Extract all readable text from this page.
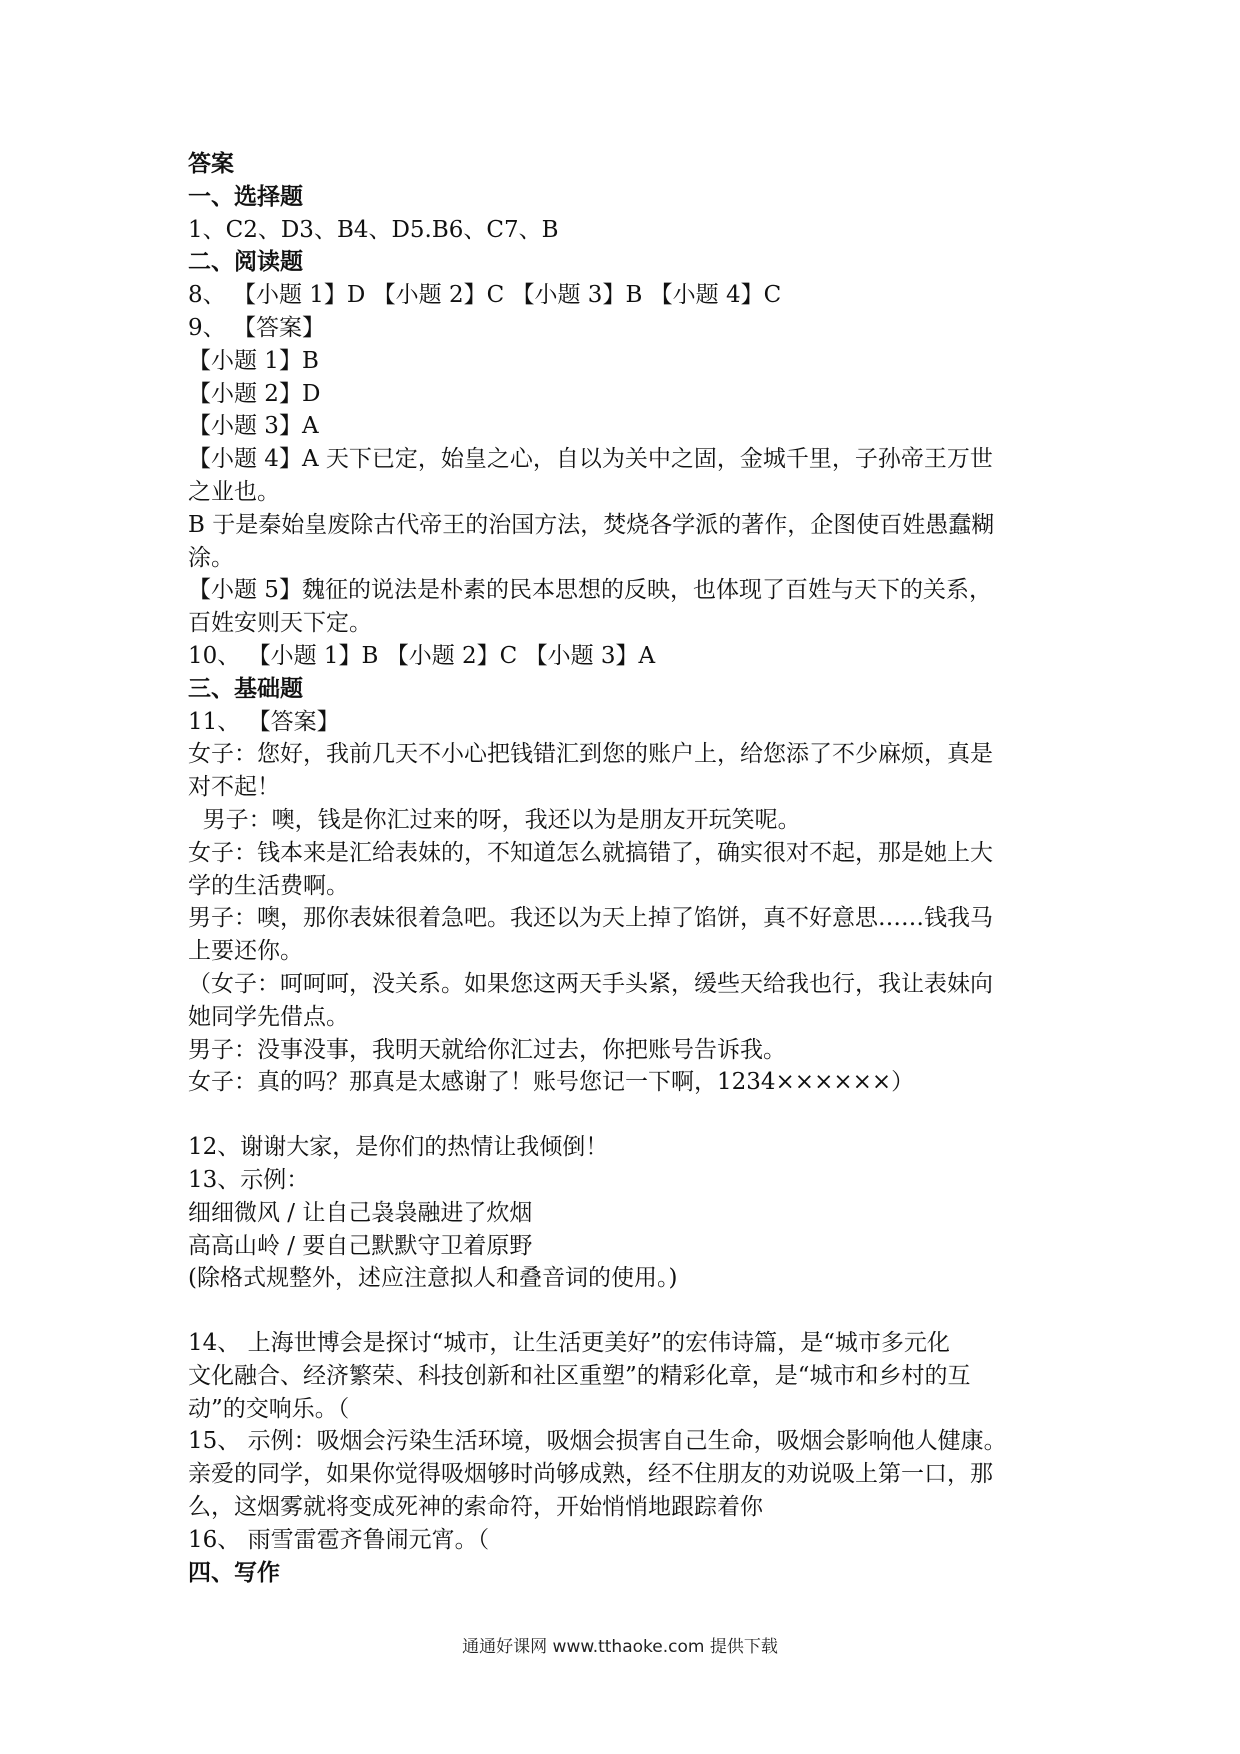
答案
一、选择题
1、C2、D3、B4、D5.B6、C7、B
二、阅读题
8、 【小题 1】D 【小题 2】C 【小题 3】B 【小题 4】C
9、 【答案】
【小题 1】B
【小题 2】D
【小题 3】A
【小题 4】A 天下已定，始皇之心，自以为关中之固，金城千里，子孙帝王万世
之业也。
B 于是秦始皇废除古代帝王的治国方法，焚烧各学派的著作，企图使百姓愚蠢糊
涂。
【小题 5】魏征的说法是朴素的民本思想的反映，也体现了百姓与天下的关系，
百姓安则天下定。
10、 【小题 1】B 【小题 2】C 【小题 3】A
三、基础题
11、 【答案】
女子：您好，我前几天不小心把钱错汇到您的账户上，给您添了不少麻烦，真是
对不起！
男子：噢，钱是你汇过来的呀，我还以为是朋友开玩笑呢。
女子：钱本来是汇给表妹的，不知道怎么就搞错了，确实很对不起，那是她上大
学的生活费啊。
男子：噢，那你表妹很着急吧。我还以为天上掉了馅饼，真不好意思……钱我马
上要还你。
（女子：呵呵呵，没关系。如果您这两天手头紧，缓些天给我也行，我让表妹向
她同学先借点。
男子：没事没事，我明天就给你汇过去，你把账号告诉我。
女子：真的吗？那真是太感谢了！账号您记一下啊，1234××××××）
12、谢谢大家，是你们的热情让我倾倒！
13、示例：
细细微风 / 让自己袅袅融进了炊烟
高高山岭 / 要自己默默守卫着原野
(除格式规整外，述应注意拟人和叠音词的使用。)
14、 上海世博会是探讨“城市，让生活更美好”的宏伟诗篇，是“城市多元化
文化融合、经济繁荣、科技创新和社区重塑”的精彩化章，是“城市和乡村的互
动”的交响乐。（
15、 示例：吸烟会污染生活环境，吸烟会损害自己生命，吸烟会影响他人健康。
亲爱的同学，如果你觉得吸烟够时尚够成熟，经不住朋友的劝说吸上第一口，那
么，这烟雾就将变成死神的索命符，开始悄悄地跟踪着你
16、 雨雪雷雹齐鲁闹元宵。（
四、写作
通通好课网 www.tthaoke.com 提供下载
